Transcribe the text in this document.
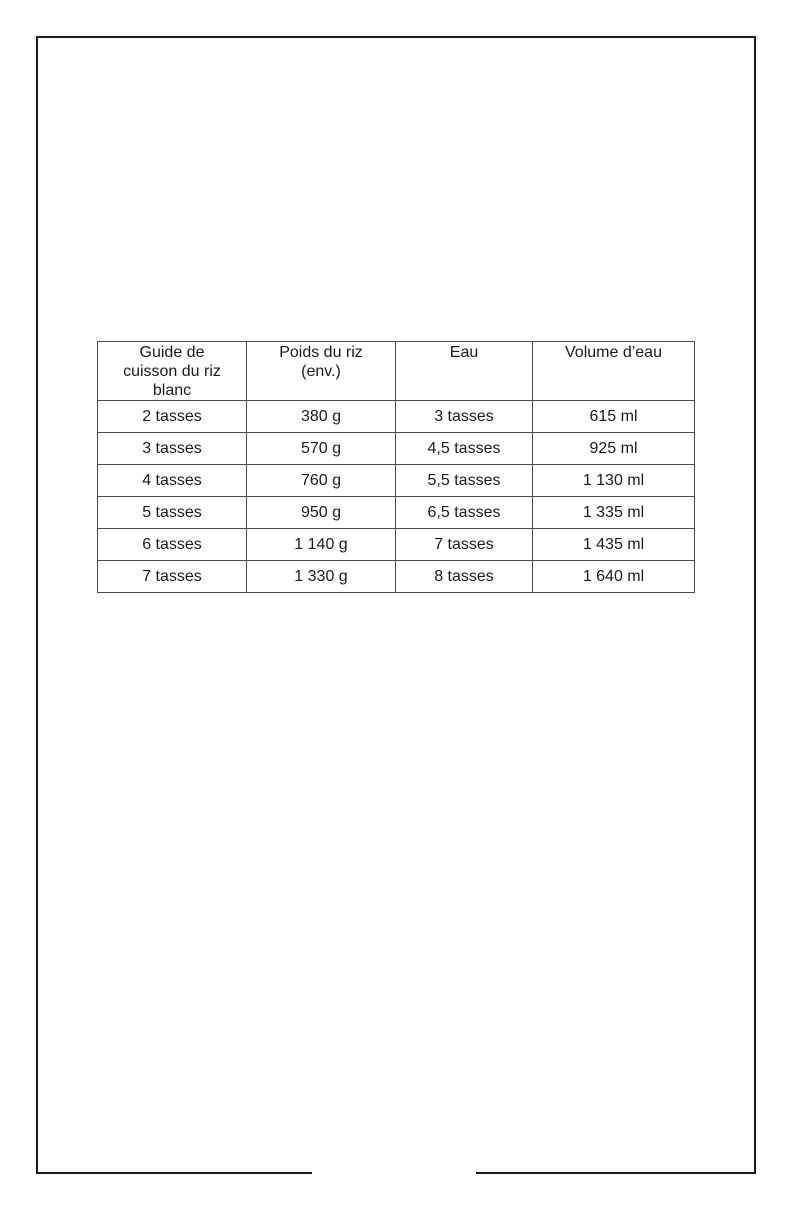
Guide de cuisson du riz blanc	Poids du riz (env.)	Eau	Volume d’eau

2 tasses	380 g	3 tasses	615 ml
3 tasses	570 g	4,5 tasses	925 ml
4 tasses	760 g	5,5 tasses	1 130 ml
5 tasses	950 g	6,5 tasses	1 335 ml
6 tasses	1 140 g	7 tasses	1 435 ml
7 tasses	1 330 g	8 tasses	1 640 ml
